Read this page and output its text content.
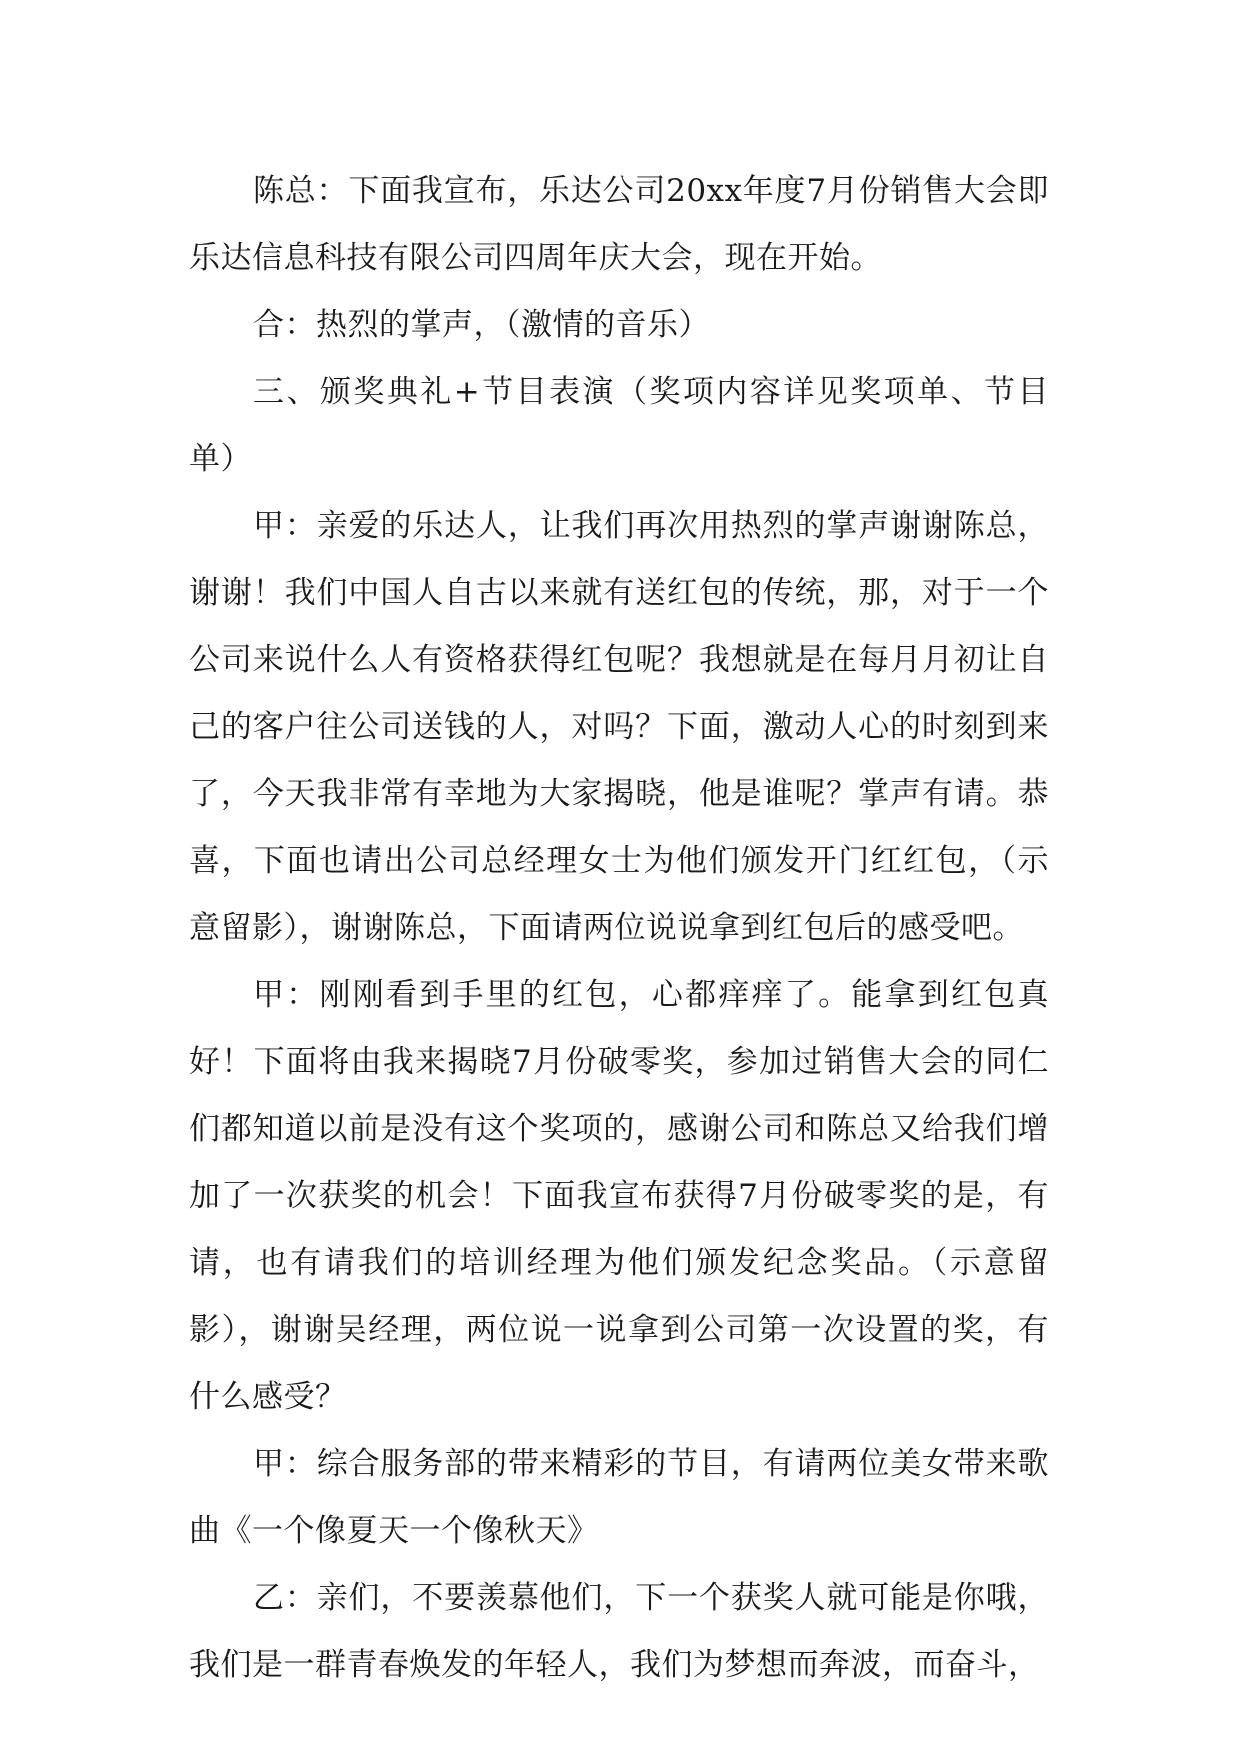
陈总：下面我宣布，乐达公司20xx年度7月份销售大会即乐达信息科技有限公司四周年庆大会，现在开始。

合：热烈的掌声，（激情的音乐）

三、颁奖典礼+节目表演（奖项内容详见奖项单、节目单）

甲：亲爱的乐达人，让我们再次用热烈的掌声谢谢陈总，谢谢！我们中国人自古以来就有送红包的传统，那，对于一个公司来说什么人有资格获得红包呢？我想就是在每月月初让自己的客户往公司送钱的人，对吗？下面，激动人心的时刻到来了，今天我非常有幸地为大家揭晓，他是谁呢？掌声有请。恭喜，下面也请出公司总经理女士为他们颁发开门红红包，（示意留影），谢谢陈总，下面请两位说说拿到红包后的感受吧。

甲：刚刚看到手里的红包，心都痒痒了。能拿到红包真好！下面将由我来揭晓7月份破零奖，参加过销售大会的同仁们都知道以前是没有这个奖项的，感谢公司和陈总又给我们增加了一次获奖的机会！下面我宣布获得7月份破零奖的是，有请，也有请我们的培训经理为他们颁发纪念奖品。（示意留影），谢谢吴经理，两位说一说拿到公司第一次设置的奖，有什么感受？

甲：综合服务部的带来精彩的节目，有请两位美女带来歌曲《一个像夏天一个像秋天》

乙：亲们，不要羡慕他们，下一个获奖人就可能是你哦，我们是一群青春焕发的年轻人，我们为梦想而奔波，而奋斗，
